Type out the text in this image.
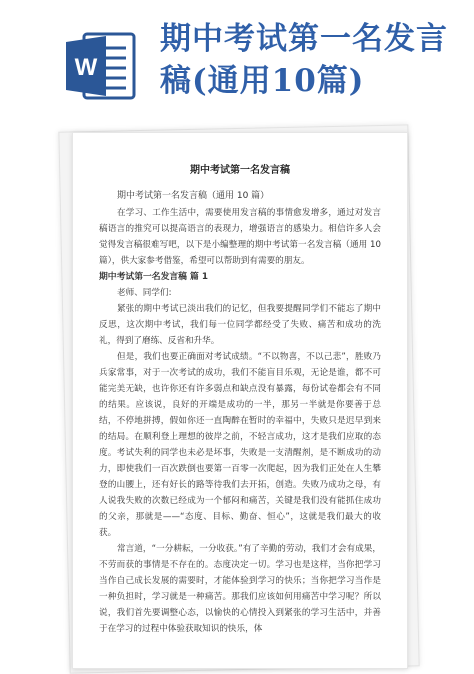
W
期中考试第一名发言稿(通用10篇)
期中考试第一名发言稿

期中考试第一名发言稿（通用 10 篇）

在学习、工作生活中，需要使用发言稿的事情愈发增多，通过对发言稿语言的推究可以提高语言的表现力，增强语言的感染力。相信许多人会觉得发言稿很难写吧，以下是小编整理的期中考试第一名发言稿（通用 10 篇），供大家参考借鉴，希望可以帮助到有需要的朋友。

期中考试第一名发言稿 篇 1

老师、同学们:

紧张的期中考试已淡出我们的记忆，但我要提醒同学们不能忘了期中反思，这次期中考试，我们每一位同学都经受了失败、痛苦和成功的洗礼，得到了磨练、反省和升华。

但是，我们也要正确面对考试成绩。“不以物喜，不以己悲”，胜败乃兵家常事，对于一次考试的成功，我们不能盲目乐观，无论是谁，都不可能完美无缺，也许你还有许多弱点和缺点没有暴露，每份试卷都会有不同的结果。应该说，良好的开端是成功的一半，那另一半就是你要善于总结，不停地拼搏，假如你还一直陶醉在暂时的幸福中，失败只是迟早到来的结局。在顺利登上理想的彼岸之前，不轻言成功，这才是我们应取的态度。考试失利的同学也未必是坏事，失败是一支清醒剂，是不断成功的动力，即使我们一百次跌倒也要第一百零一次爬起，因为我们正处在人生攀登的山腰上，还有好长的路等待我们去开拓，创造。失败乃成功之母，有人说我失败的次数已经成为一个郁闷和痛苦，关键是我们没有能抓住成功的父亲，那就是——“态度、目标、勤奋、恒心”，这就是我们最大的收获。

常言道，“一分耕耘，一分收获。”有了辛勤的劳动，我们才会有成果，不劳而获的事情是不存在的。态度决定一切。学习也是这样，当你把学习当作自己成长发展的需要时，才能体验到学习的快乐；当你把学习当作是一种负担时，学习就是一种痛苦。那我们应该如何用痛苦中学习呢？所以说，我们首先要调整心态，以愉快的心情投入到紧张的学习生活中，并善于在学习的过程中体验获取知识的快乐，体
